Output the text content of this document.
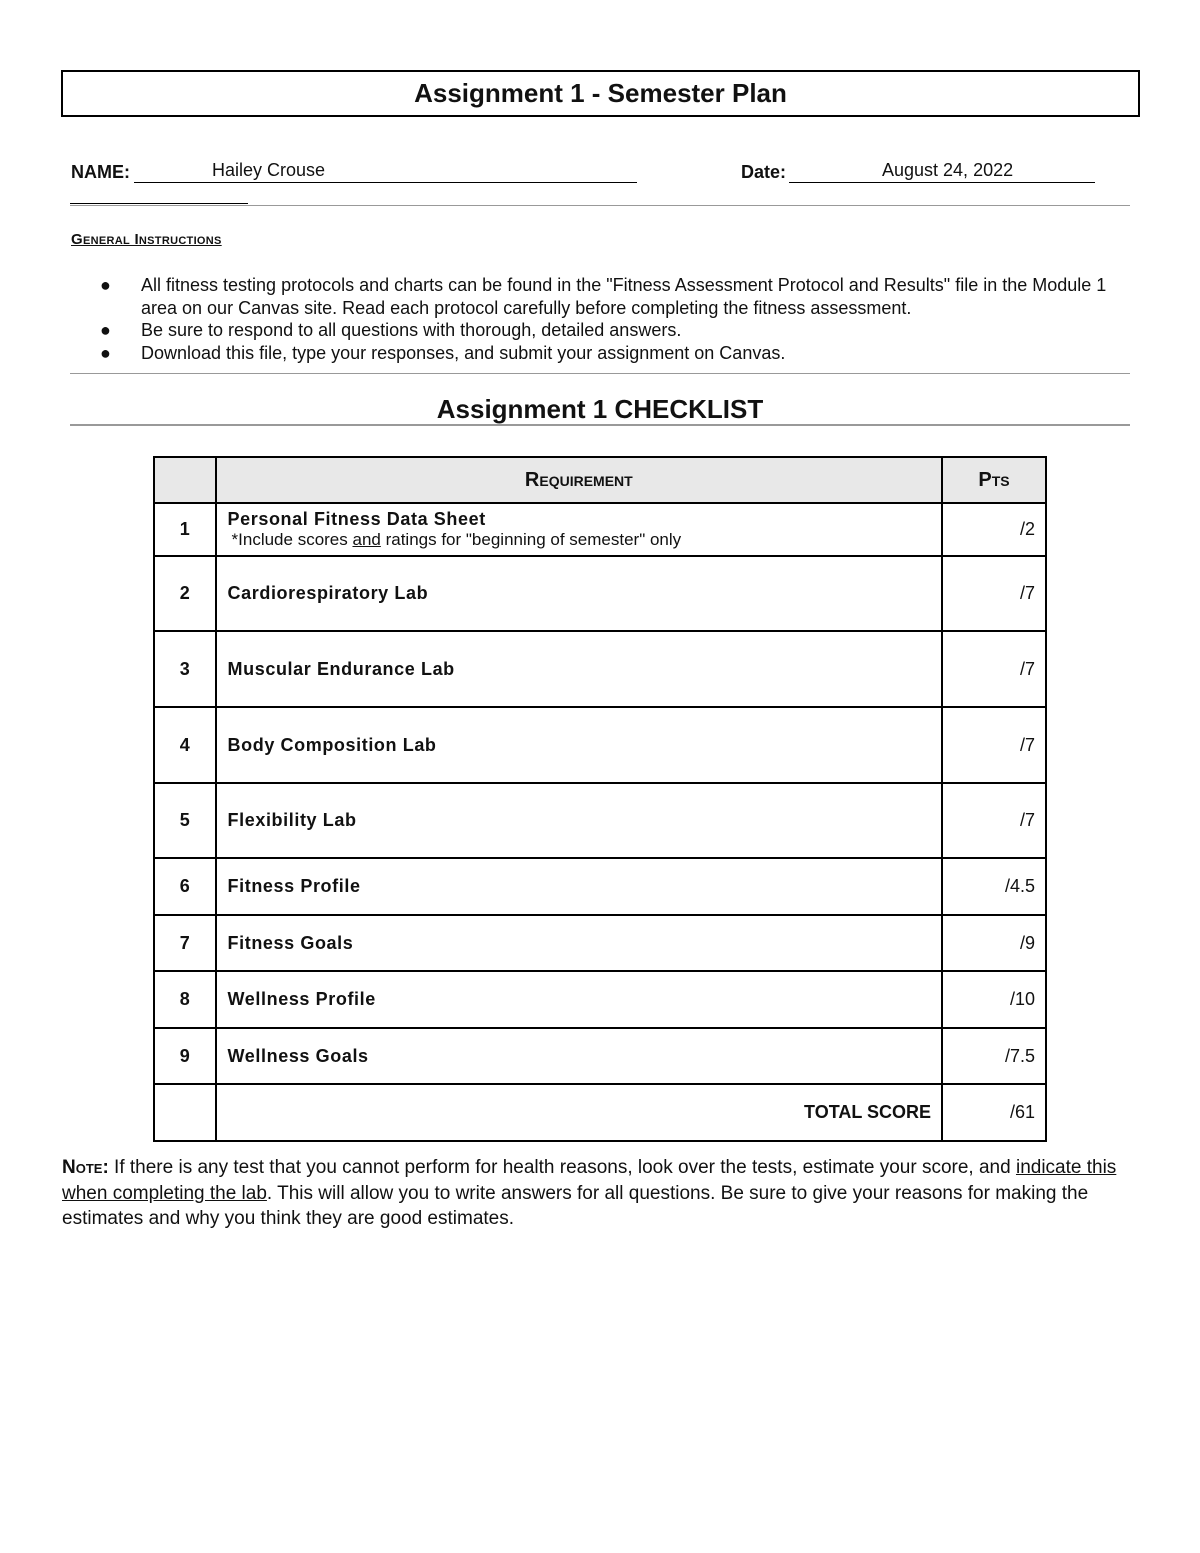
Assignment 1 - Semester Plan
NAME:	Hailey Crouse	Date:	August 24, 2022
General Instructions
● All fitness testing protocols and charts can be found in the "Fitness Assessment Protocol and Results" file in the Module 1 area on our Canvas site. Read each protocol carefully before completing the fitness assessment.
● Be sure to respond to all questions with thorough, detailed answers.
● Download this file, type your responses, and submit your assignment on Canvas.
Assignment 1 CHECKLIST
	Requirement	Pts
1	Personal Fitness Data Sheet
*Include scores and ratings for "beginning of semester" only	/2
2	Cardiorespiratory Lab	/7
3	Muscular Endurance Lab	/7
4	Body Composition Lab	/7
5	Flexibility Lab	/7
6	Fitness Profile	/4.5
7	Fitness Goals	/9
8	Wellness Profile	/10
9	Wellness Goals	/7.5
	TOTAL SCORE	/61
Note: If there is any test that you cannot perform for health reasons, look over the tests, estimate your score, and indicate this when completing the lab. This will allow you to write answers for all questions. Be sure to give your reasons for making the estimates and why you think they are good estimates.
